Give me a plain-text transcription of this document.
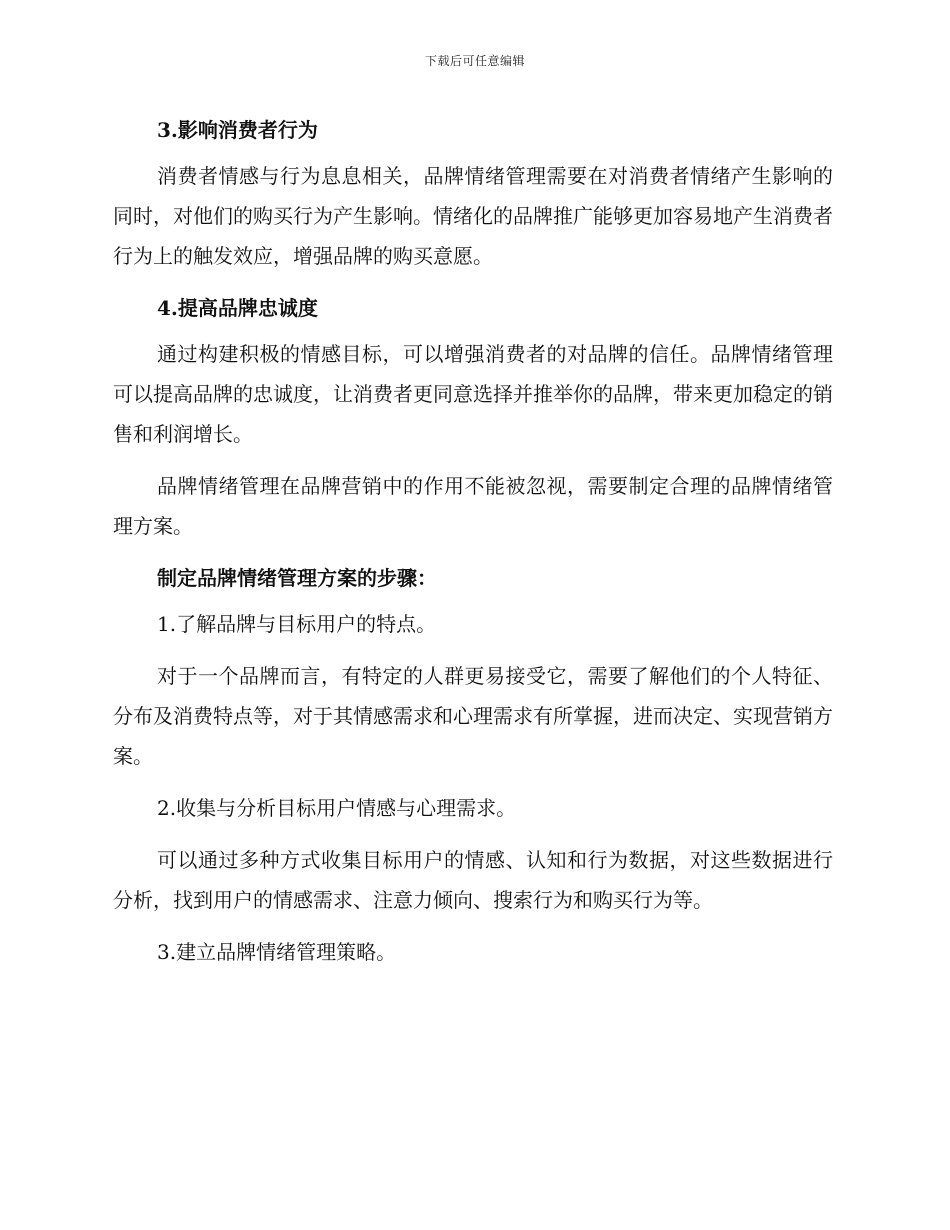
下载后可任意编辑
3.影响消费者行为

消费者情感与行为息息相关，品牌情绪管理需要在对消费者情绪产生影响的同时，对他们的购买行为产生影响。情绪化的品牌推广能够更加容易地产生消费者行为上的触发效应，增强品牌的购买意愿。

4.提高品牌忠诚度

通过构建积极的情感目标，可以增强消费者的对品牌的信任。品牌情绪管理可以提高品牌的忠诚度，让消费者更同意选择并推举你的品牌，带来更加稳定的销售和利润增长。

品牌情绪管理在品牌营销中的作用不能被忽视，需要制定合理的品牌情绪管理方案。

制定品牌情绪管理方案的步骤：

1.了解品牌与目标用户的特点。

对于一个品牌而言，有特定的人群更易接受它，需要了解他们的个人特征、分布及消费特点等，对于其情感需求和心理需求有所掌握，进而决定、实现营销方案。

2.收集与分析目标用户情感与心理需求。

可以通过多种方式收集目标用户的情感、认知和行为数据，对这些数据进行分析，找到用户的情感需求、注意力倾向、搜索行为和购买行为等。

3.建立品牌情绪管理策略。
